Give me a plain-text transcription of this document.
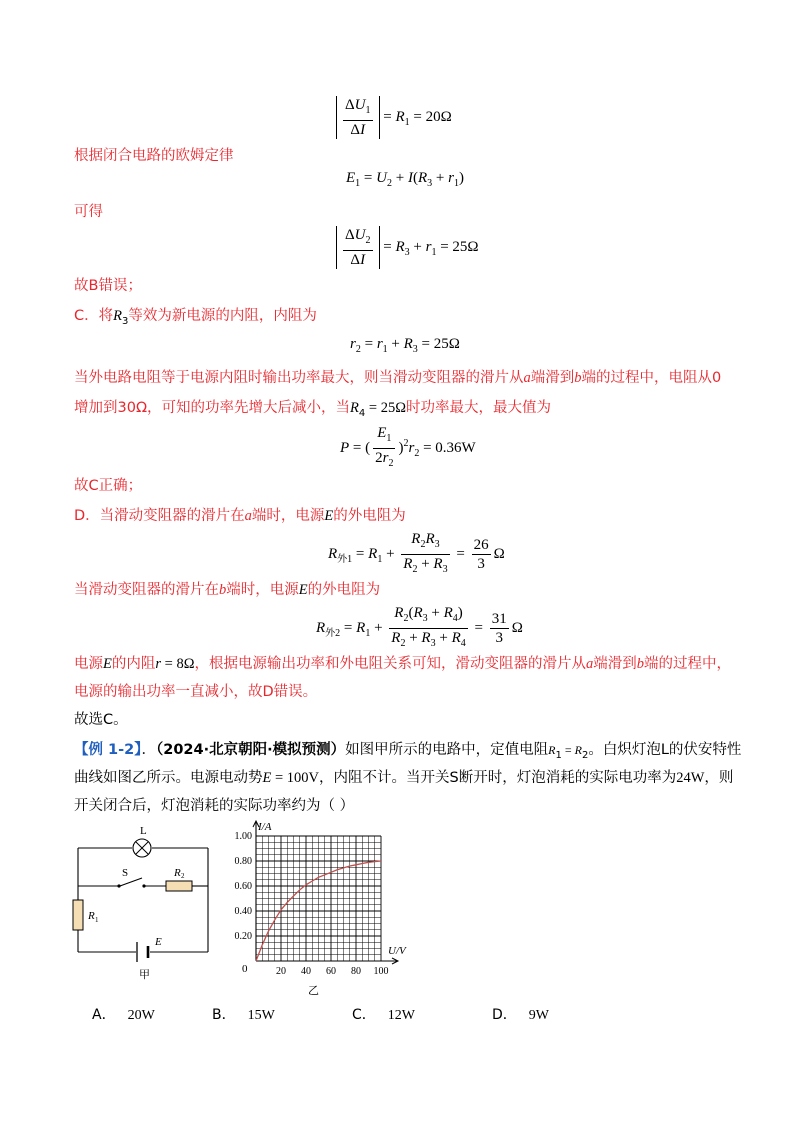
$\frac{\Delta U_1}{\Delta I} = R_1 = 20\Omega$
根据闭合电路的欧姆定律
$E_1 = U_2 + I(R_3 + r_1)$
可得
$\frac{\Delta U_2}{\Delta I} = R_3 + r_1 = 25\Omega$
故B错误；
C．将$R_3$等效为新电源的内阻，内阻为
$r_2 = r_1 + R_3 = 25\Omega$
当外电路电阻等于电源内阻时输出功率最大，则当滑动变阻器的滑片从a端滑到b端的过程中，电阻从0
增加到30Ω，可知的功率先增大后减小，当$R_4 = 25\Omega$时功率最大，最大值为
P = ( $\frac{E_1}{2r_2} )^2r_2 = 0.36W$
故C正确；
D．当滑动变阻器的滑片在a端时，电源E的外电阻为
$R_{外1} = R_1 + \frac{R_2R_3}{R_2 + R_3} = \frac{26}{3}$ Ω
当滑动变阻器的滑片在b端时，电源E的外电阻为
$R_{外2} = R_1 + \frac{R_2(R_3 + R_4)}{R_2 + R_3 + R_4} = \frac{31}{3}$ Ω
电源E的内阻r = 8Ω，根据电源输出功率和外电阻关系可知，滑动变阻器的滑片从a端滑到b端的过程中，
电源的输出功率一直减小，故D错误。
故选C。
【例 1-2】．（2024·北京朝阳·模拟预测）如图甲所示的电路中，定值电阻$R_1 = R_2$。白炽灯泡L的伏安特性
曲线如图乙所示。电源电动势E = 100V，内阻不计。当开关S断开时，灯泡消耗的实际电功率为24W，则
开关闭合后，灯泡消耗的实际功率约为（ ）
L
S	R 2
R 1
E
甲	20 40 60 80 100
0.20
0.40
0.60
0.80
1.00
I/A
U/V
0
乙
A． 20W	B． 15W	C． 12W	D． 9W
